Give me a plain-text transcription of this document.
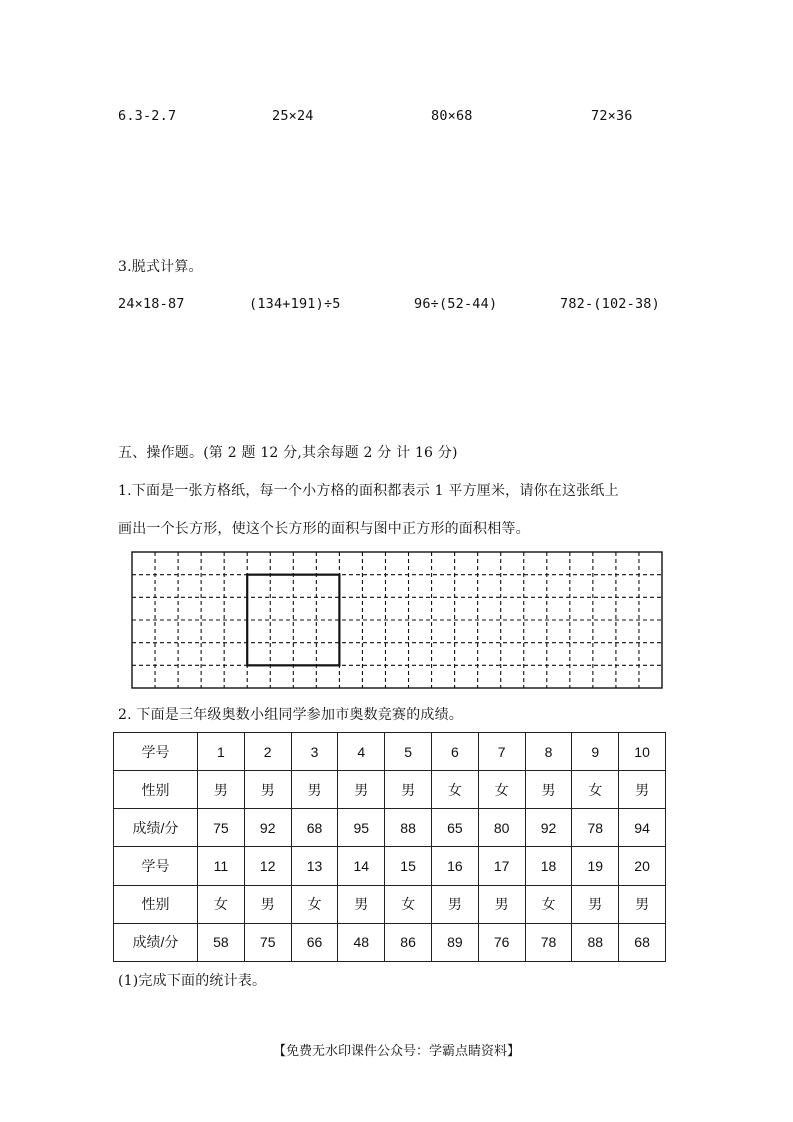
6.3-2.7	25×24	80×68	72×36
3.脱式计算。
24×18-87	(134+191)÷5	96÷(52-44)	782-(102-38)
五、操作题。(第 2 题 12 分,其余每题 2 分 计 16 分)
1.下面是一张方格纸，每一个小方格的面积都表示 1 平方厘米，请你在这张纸上
画出一个长方形，使这个长方形的面积与图中正方形的面积相等。
2. 下面是三年级奥数小组同学参加市奥数竞赛的成绩。
学号	1	2	3	4	5	6	7	8	9	10
性别	男	男	男	男	男	女	女	男	女	男
成绩/分	75	92	68	95	88	65	80	92	78	94
学号	11	12	13	14	15	16	17	18	19	20
性别	女	男	女	男	女	男	男	女	男	男
成绩/分	58	75	66	48	86	89	76	78	88	68
(1)完成下面的统计表。
【免费无水印课件公众号：学霸点睛资料】
